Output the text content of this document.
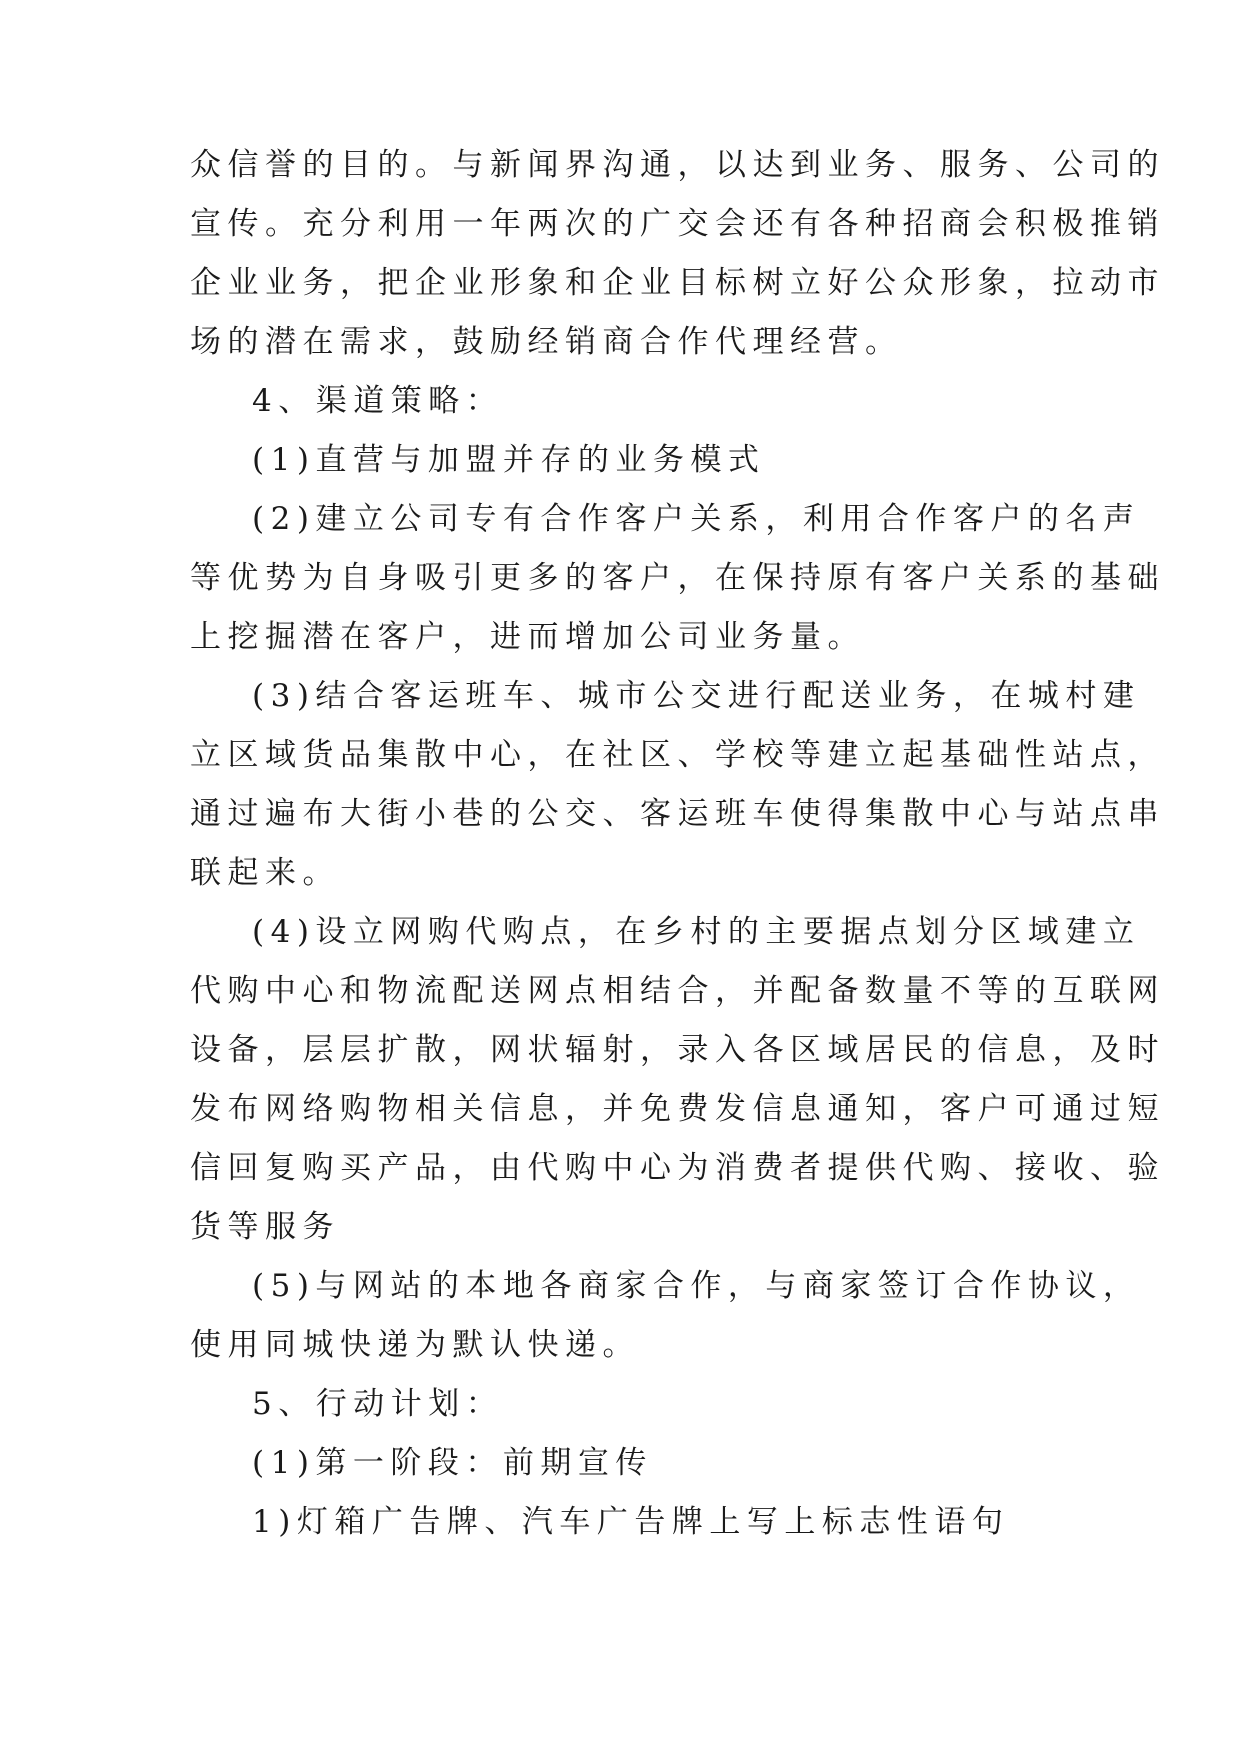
众信誉的目的。与新闻界沟通，以达到业务、服务、公司的
宣传。充分利用一年两次的广交会还有各种招商会积极推销
企业业务，把企业形象和企业目标树立好公众形象，拉动市
场的潜在需求，鼓励经销商合作代理经营。
4、渠道策略：
(1)直营与加盟并存的业务模式
(2)建立公司专有合作客户关系，利用合作客户的名声
等优势为自身吸引更多的客户，在保持原有客户关系的基础
上挖掘潜在客户，进而增加公司业务量。
(3)结合客运班车、城市公交进行配送业务，在城村建
立区域货品集散中心，在社区、学校等建立起基础性站点，
通过遍布大街小巷的公交、客运班车使得集散中心与站点串
联起来。
(4)设立网购代购点，在乡村的主要据点划分区域建立
代购中心和物流配送网点相结合，并配备数量不等的互联网
设备，层层扩散，网状辐射，录入各区域居民的信息，及时
发布网络购物相关信息，并免费发信息通知，客户可通过短
信回复购买产品，由代购中心为消费者提供代购、接收、验
货等服务
(5)与网站的本地各商家合作，与商家签订合作协议，
使用同城快递为默认快递。
5、行动计划：
(1)第一阶段：前期宣传
1)灯箱广告牌、汽车广告牌上写上标志性语句
